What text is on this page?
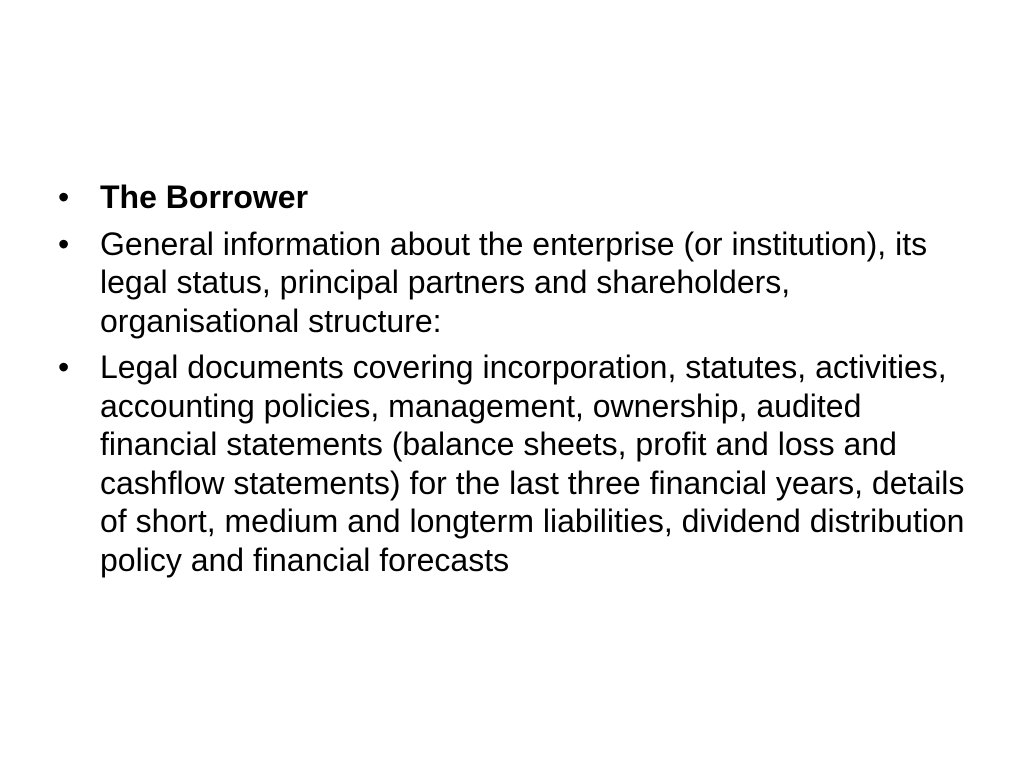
• The Borrower
• General information about the enterprise (or institution), its legal status, principal partners and shareholders, organisational structure:
• Legal documents covering incorporation, statutes, activities, accounting policies, management, ownership, audited financial statements (balance sheets, profit and loss and cashflow statements) for the last three financial years, details of short, medium and longterm liabilities, dividend distribution policy and financial forecasts
